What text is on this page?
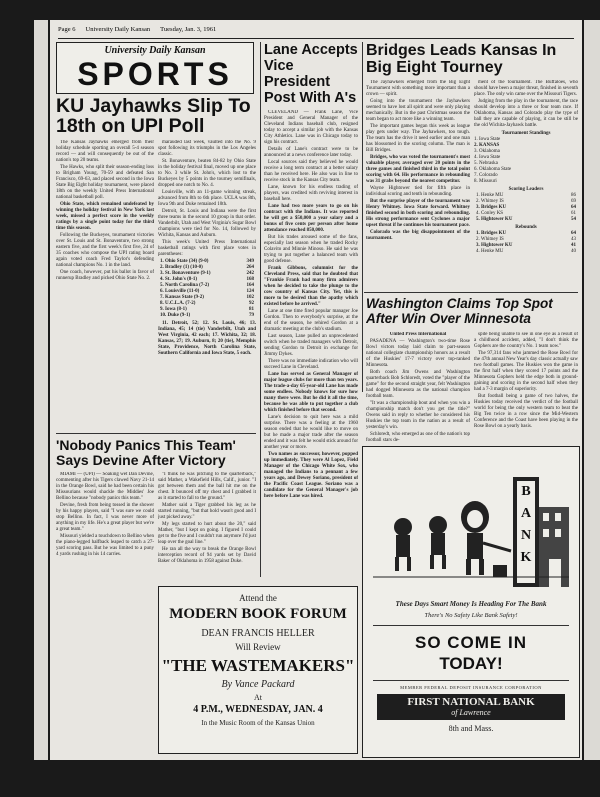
Page 6 University Daily Kansan Tuesday, Jan. 3, 1961
University Daily Kansan
SPORTS
KU Jayhawks Slip To 18th on UPI Poll

The Kansas Jayhawks emerged from their holiday schedule sporting an overall 5-4 season record — and will consequently be out of the nation's top 20 teams.

The Hawks, who split their season-ending loss to Brigham Young, 70-59 and defeated San Francisco, 69-63, and placed second in the Iowa State Big Eight holiday tournament, were placed 18th on the weekly United Press International national basketball poll.

Ohio State, which remained undefeated by winning the holiday festival in New York last week, missed a perfect score in the weekly ratings by a single point today for the third time this season.

Following the Buckeyes, tournament victories over St. Louis and St. Bonaventure, two strong eastern five, and the first week's first five, 24 of 35 coaches who compose the UPI rating board again voted coach Fred Taylor's defending national champions No. 1 in the land.

One coach, however, put his ballot in favor of runnerup Bradley and picked Ohio State No. 2.

marauded last week, vaulted into the No. 9 spot following its triumphs in the Los Angeles classic.

St. Bonaventure, beaten 84-82 by Ohio State in the holiday festival final, moved up one place to No. 3 while St. John's, which lost to the Buckeyes by 5 points in the tourney semifinals, dropped one notch to No. 4.

Louisville, with an 11-game winning streak, advanced from 8th to 6th place. UCLA was 8th, Iowa 9th and Duke remained 10th.

Detroit, St. Louis and Indiana were the first three teams in the second 10 group in that order. Vanderbilt, Utah and West Virginia's Sugar Bowl champions were tied for No. 14, followed by Wichita, Kansas and Auburn.

This week's United Press International basketball ratings with first place votes in parentheses:

1. Ohio State (34) (9-0)	349
2. Bradley (1) (10-0)	264
3. St. Bonaventure (9-1)	242
4. St. John's (8-1)	168
5. North Carolina (7-2)	164
6. Louisville (11-0)	124
7. Kansas State (9-2)	102
8. U.C.L.A. (7-2)	92
9. Iowa (8-1)	81
10. Duke (9-1)	79

11. Detroit, 52; 12. St. Louis, 46; 13. Indiana, 45; 14 (tie) Vanderbilt, Utah and West Virginia, 42 each; 17. Wichita, 32; 18. Kansas, 27; 19. Auburn, 8; 20 (tie), Memphis State, Providence, North Carolina State, Southern California and Iowa State, 5 each.

'Nobody Panics This Team' Says Devine After Victory

MIAMI — (UPI) — Soaking wet Dan Devine, commenting after his Tigers clawed Navy 21-14 in the Orange Bowl, said he had been certain his Missourians would shackle the Middies' Joe Bellino because "nobody panics this team."

Devine, fresh from being tossed in the shower by his happy players, said "I was sure we could stop Bellino. In fact, I was never more of anything in my life. He's a great player but we're a great team."

Missouri yielded a touchdown to Bellino when the piano-legged halfback leaped to catch a 27-yard scoring pass. But he was limited to a puny 4 yards rushing in his 14 carries.

"I think he was pitching to the quarterback," said Mather, a Wakefield Hills, Calif., junior. "I got between them and the ball hit me on the chest. It bounced off my chest and I grabbed it as it started to fall to the ground."

Mather said a Tiger grabbed his leg as he started running, "but that hold wasn't good and I just picked away."

My legs started to hurt about the 20," said Mather, "but I kept on going. I figured I could get to the five and I couldn't run anymore I'd just leap over the goal line."

He ran all the way to break the Orange Bowl interception record of 94 yards set by David Baker of Oklahoma in 1958 against Duke.

Attend the
MODERN BOOK FORUM
DEAN FRANCIS HELLER
Will Review
"THE WASTEMAKERS"
By Vance Packard
At
4 P.M., WEDNESDAY, JAN. 4
In the Music Room of the Kansas Union
Lane Accepts Vice President Post With A's

CLEVELAND — Frank Lane, Vice President and General Manager of the Cleveland Indians baseball club, resigned today to accept a similar job with the Kansas City Athletics. Lane was in Chicago today to sign his contract.

Details of Lane's contract were to be announced at a news conference later today.

Local sources said they believed he would receive a long term contract at a better salary than he received here. He also was in line to receive stock in the Kansas City team.

Lane, known for his endless trading of players, was credited with reviving interest in baseball here.

Lane had two more years to go on his contract with the Indians. It was reported he will get a $50,000 a year salary and a bonus of five cents per person after home attendance reached 850,000.

But his trades aroused some of the fans, especially last season when he traded Rocky Colavito and Minnie Minoso. He said he was trying to put together a balanced team with good defense.

Frank Gibbons, columnist for the Cleveland Press, said that he doubted that "Frankie Frank had many firm admirers when he decided to take the plunge to the cow country of Kansas City. Yet, this is more to be desired than the apathy which existed before he arrived."

Lane at one time fired popular manager Joe Gordon. Then to everybody's surprise, at the end of the season, he rehired Gordon at a dramatic meeting at the club's stadium.

Last season, Lane pulled an unprecedented switch when he traded managers with Detroit, sending Gordon to Detroit in exchange for Jimmy Dykes.

There was no immediate indication who will succeed Lane in Cleveland.

Lane has served as General Manager of major league clubs for more than ten years. The trade-a-day 65-year-old Lane has made some endless. Nobody knows for sure how many there were. But he did it all the time, because he was able to put together a club which finished before that second.

Lane's decision to quit here was a mild surprise. There was a feeling at the 1960 season ended that he would like to move on but he made a major trade after the season ended and it was felt he would stick around for another year or more.

Two names as successor, however, popped up immediately. They were Al Lopez, Field Manager of the Chicago White Sox, who managed the Indians to a pennant a few years ago, and Dewey Soriano, president of the Pacific Coast League. Soriano was a candidate for the General Manager's job here before Lane was hired.

Bridges Leads Kansas In Big Eight Tourney

The Jayhawkers emerged from the Big Eight Tournament with something more important than a crown — spirit.

Going into the tournament the Jayhawkers seemed to have lost all spirit and were only playing mechanically. But in the past Christmas season the team began to act more like a winning team.

The important games began this week as league play gets under way. The Jayhawkers, too tough. The team has the drive it need earlier and one man has blossomed in the scoring column. The man is Bill Bridges.

Bridges, who was voted the tournament's most valuable player, averaged over 20 points in the three games and finished third in the total point scoring with 64. His performance in rebounding was 31 grabs beyond the nearest competitor.

Wayne Hightower tied for fifth place in individual scoring and tenth in rebounding.

But the surprise player of the tournament was Henry Whitney. Iowa State forward. Whitney finished second in both scoring and rebounding. His strong performance sent Cyclones a major upset threat if he continues his tournament pace.

Colorado was the big disappointment of the tournament.

ment of the tournament. The Buffaloes, who should have been a major threat, finished in seventh place. The only win came over the Missouri Tigers.

Judging from the play in the tournament, the race should develop into a three or four team race. If Oklahoma, Kansas and Colorado play the type of ball they are capable of playing, it can be still be the old Wichita-Jayhawk battle.

Tournament Standings
1. Iowa State
2. KANSAS
3. Oklahoma
4. Iowa State
5. Nebraska
6. Oklahoma State
7. Colorado
8. Missouri
Scoring Leaders
1. Henke MU	86
2. Whitney IS	69
3. Bridges KU	64
4. Conley KS	61
5. Hightower KU	54
Rebounds
1. Bridges KU	64
2. Whitney IS	43
3. Hightower KU	41
4. Henke MU	40
Washington Claims Top Spot After Win Over Minnesota

United Press International

PASADENA — Washington's two-time Rose Bowl victors today laid claim to part-season national collegiate championship honors as a result of the Huskies' 17-7 victory over top-ranked Minnesota.

Both coach Jim Owens and Washington quarterback Bob Schloredt, voted the "player of the game" for the second straight year, felt Washington had dogged Minnesota as the national champion football team.

"It was a championship bout and when you win a championship match don't you get the title?" Owens said in reply to whether he considered his Huskies the top team in the nation as a result of yesterday's win.

Schloredt, who emerged as one of the nation's top football stars de-

spite being unable to see in one eye as a result of a childhood accident, added, "I don't think the Gophers are the country's No. 1 team now."

The 97,314 fans who jammed the Rose Bowl for the 47th annual New Year's day classic actually saw two football games. The Huskies won the game in the first half when they scored 17 points and the Minnesota Gophers held the edge both in ground-gaining and scoring in the second half when they had a 7-3 margin of superiority.

But football being a game of two halves, the Huskies today received the verdict of the football world for being the only western team to beat the Big Ten twice in a row since the Mid-Western Conference and the Coast have been playing in the Rose Bowl on a yearly basis.

BANK
These Days Smart Money Is Heading For The Bank
There's No Safety Like Bank Safety!
SO COME IN
TODAY!
MEMBER FEDERAL DEPOSIT INSURANCE CORPORATION
FIRST NATIONAL BANK
of Lawrence
8th and Mass.
